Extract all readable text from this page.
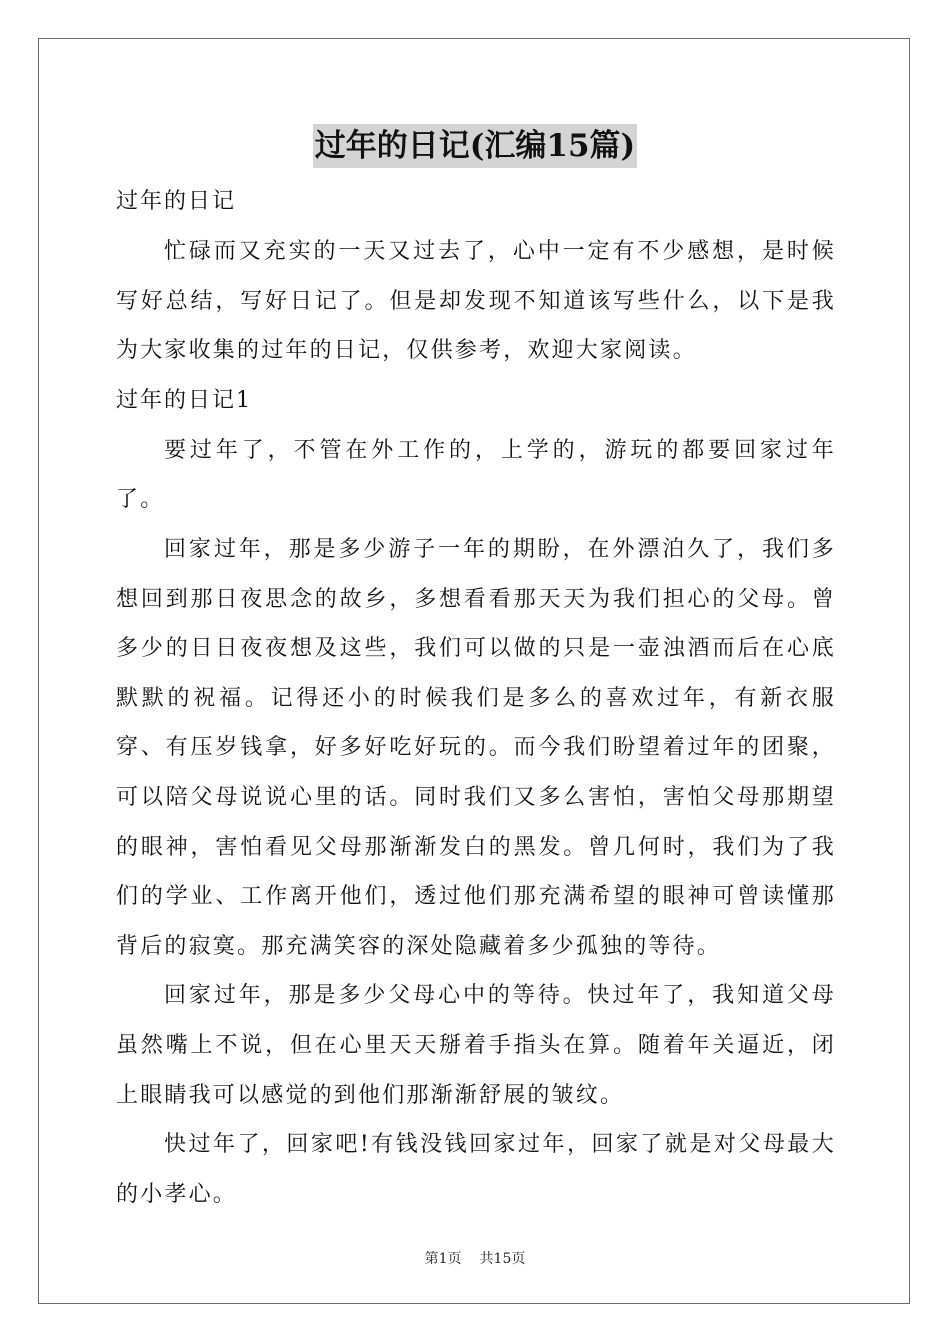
过年的日记(汇编15篇)

过年的日记

忙碌而又充实的一天又过去了，心中一定有不少感想，是时候写好总结，写好日记了。但是却发现不知道该写些什么，以下是我为大家收集的过年的日记，仅供参考，欢迎大家阅读。

过年的日记1

要过年了，不管在外工作的，上学的，游玩的都要回家过年了。

回家过年，那是多少游子一年的期盼，在外漂泊久了，我们多想回到那日夜思念的故乡，多想看看那天天为我们担心的父母。曾多少的日日夜夜想及这些，我们可以做的只是一壶浊酒而后在心底默默的祝福。记得还小的时候我们是多么的喜欢过年，有新衣服穿、有压岁钱拿，好多好吃好玩的。而今我们盼望着过年的团聚，可以陪父母说说心里的话。同时我们又多么害怕，害怕父母那期望的眼神，害怕看见父母那渐渐发白的黑发。曾几何时，我们为了我们的学业、工作离开他们，透过他们那充满希望的眼神可曾读懂那背后的寂寞。那充满笑容的深处隐藏着多少孤独的等待。

回家过年，那是多少父母心中的等待。快过年了，我知道父母虽然嘴上不说，但在心里天天掰着手指头在算。随着年关逼近，闭上眼睛我可以感觉的到他们那渐渐舒展的皱纹。

快过年了，回家吧!有钱没钱回家过年，回家了就是对父母最大的小孝心。

第1页 共15页
